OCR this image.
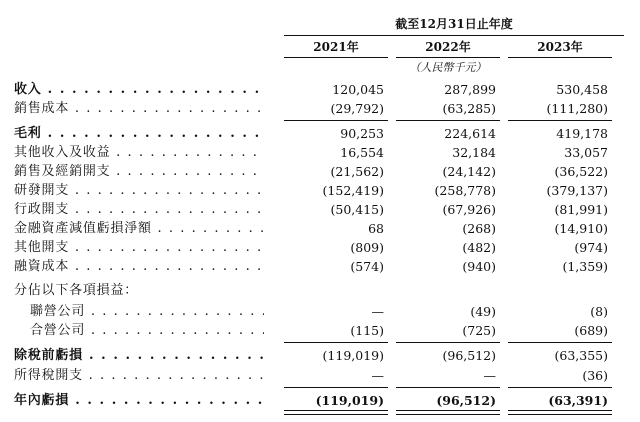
截至12月31日止年度
2021年	2022年	2023年
（人民幣千元）
收入 . . .	120,045	287,899	530,458
銷售成本 . . .	(29,792)	(63,285)	(111,280)
毛利 . . .	90,253	224,614	419,178
其他收入及收益 . . .	16,554	32,184	33,057
銷售及經銷開支 . . .	(21,562)	(24,142)	(36,522)
研發開支 . . .	(152,419)	(258,778)	(379,137)
行政開支 . . .	(50,415)	(67,926)	(81,991)
金融資產減值虧損淨額 . . .	68	(268)	(14,910)
其他開支 . . .	(809)	(482)	(974)
融資成本 . . .	(574)	(940)	(1,359)
分佔以下各項損益：
聯營公司 . . .	—	(49)	(8)
合營公司 . . .	(115)	(725)	(689)
除稅前虧損 . . .	(119,019)	(96,512)	(63,355)
所得稅開支 . . .	—	—	(36)
年內虧損 . . .	(119,019)	(96,512)	(63,391)
